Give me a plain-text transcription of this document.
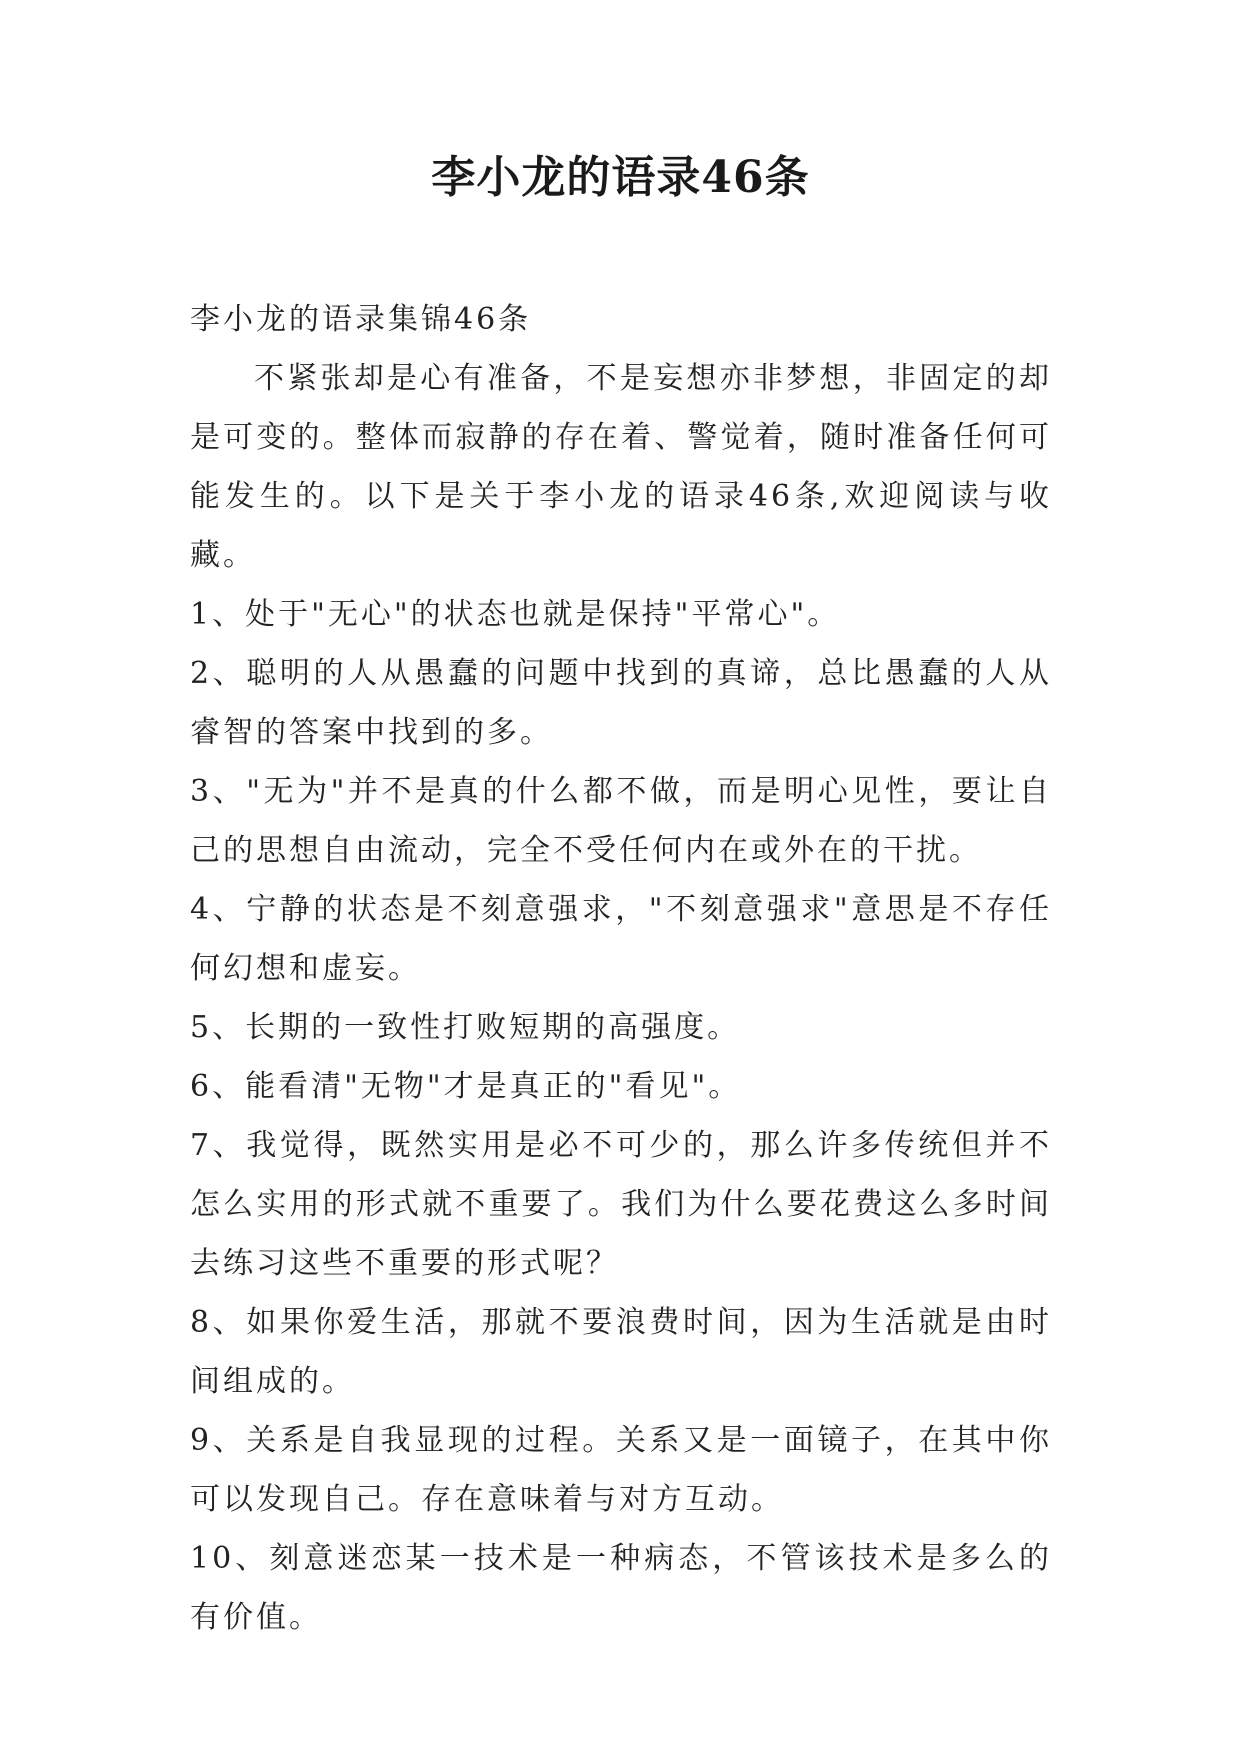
李小龙的语录46条

李小龙的语录集锦46条

不紧张却是心有准备，不是妄想亦非梦想，非固定的却是可变的。整体而寂静的存在着、警觉着，随时准备任何可能发生的。以下是关于李小龙的语录46条,欢迎阅读与收藏。

1、处于"无心"的状态也就是保持"平常心"。

2、聪明的人从愚蠢的问题中找到的真谛，总比愚蠢的人从睿智的答案中找到的多。

3、"无为"并不是真的什么都不做，而是明心见性，要让自己的思想自由流动，完全不受任何内在或外在的干扰。

4、宁静的状态是不刻意强求，"不刻意强求"意思是不存任何幻想和虚妄。

5、长期的一致性打败短期的高强度。

6、能看清"无物"才是真正的"看见"。

7、我觉得，既然实用是必不可少的，那么许多传统但并不怎么实用的形式就不重要了。我们为什么要花费这么多时间去练习这些不重要的形式呢？

8、如果你爱生活，那就不要浪费时间，因为生活就是由时间组成的。

9、关系是自我显现的过程。关系又是一面镜子，在其中你可以发现自己。存在意味着与对方互动。

10、刻意迷恋某一技术是一种病态，不管该技术是多么的有价值。
